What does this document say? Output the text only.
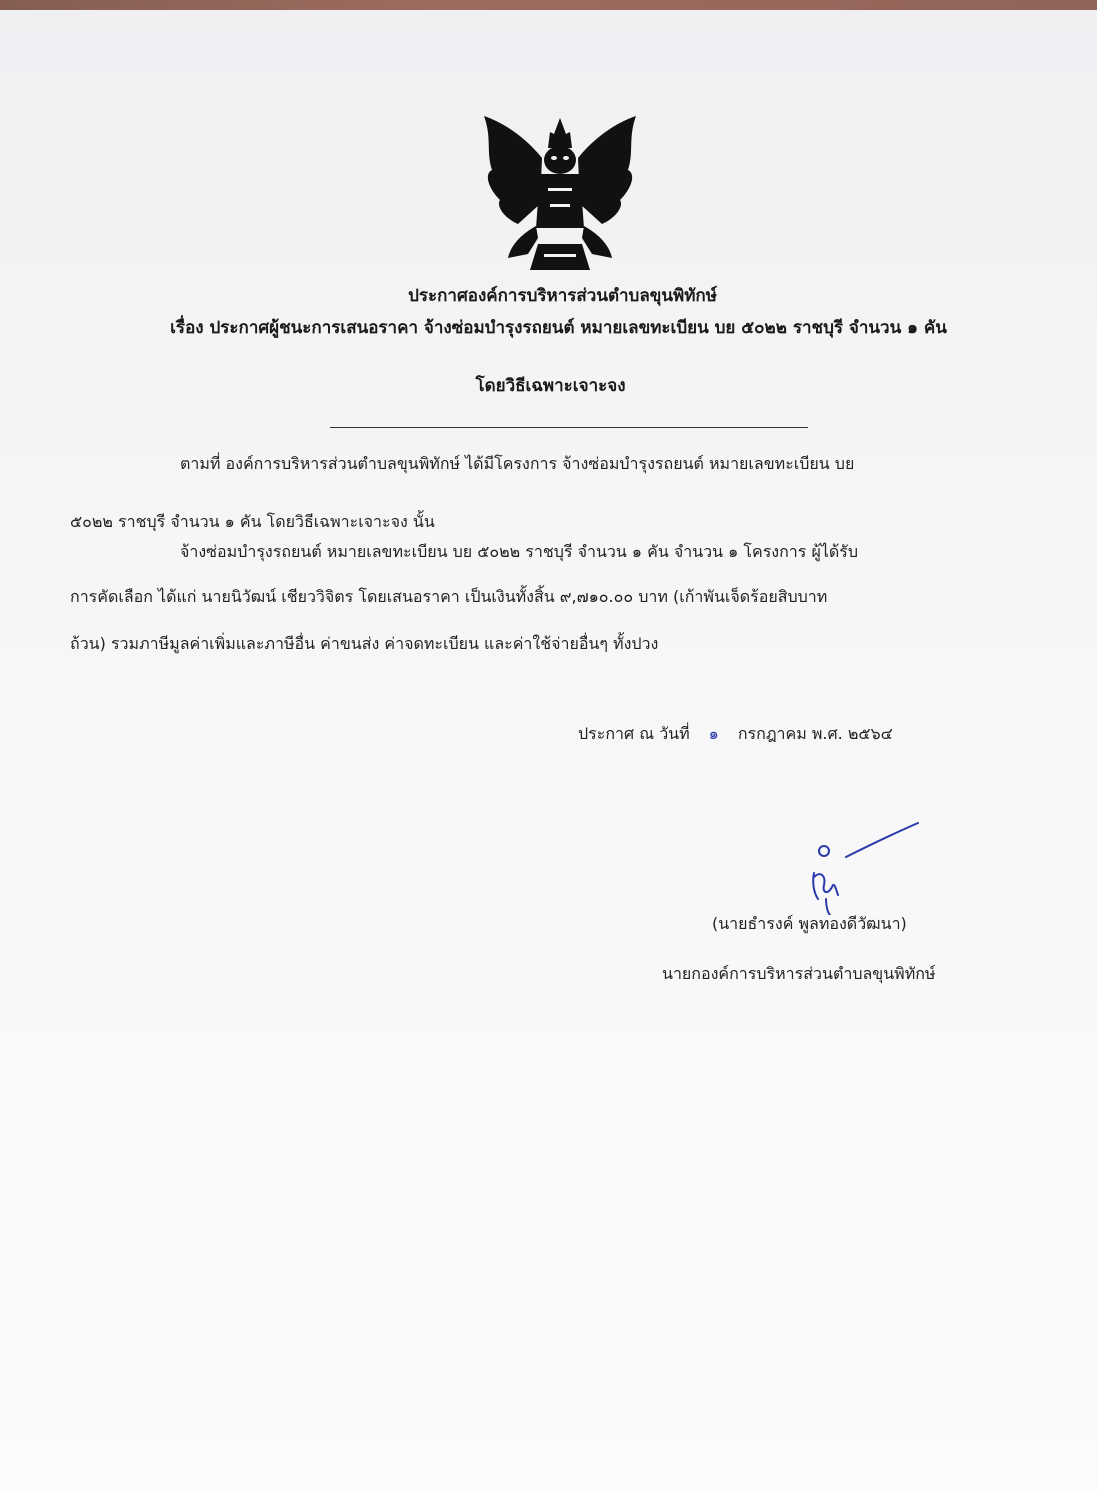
ประกาศองค์การบริหารส่วนตำบลขุนพิทักษ์
เรื่อง ประกาศผู้ชนะการเสนอราคา จ้างซ่อมบำรุงรถยนต์ หมายเลขทะเบียน บย ๕๐๒๒ ราชบุรี จำนวน ๑ คัน
โดยวิธีเฉพาะเจาะจง
ตามที่ องค์การบริหารส่วนตำบลขุนพิทักษ์ ได้มีโครงการ จ้างซ่อมบำรุงรถยนต์ หมายเลขทะเบียน บย
๕๐๒๒ ราชบุรี จำนวน ๑ คัน โดยวิธีเฉพาะเจาะจง นั้น
จ้างซ่อมบำรุงรถยนต์ หมายเลขทะเบียน บย ๕๐๒๒ ราชบุรี จำนวน ๑ คัน จำนวน ๑ โครงการ ผู้ได้รับ
การคัดเลือก ได้แก่ นายนิวัฒน์ เชียววิจิตร โดยเสนอราคา เป็นเงินทั้งสิ้น ๙,๗๑๐.๐๐ บาท (เก้าพันเจ็ดร้อยสิบบาท
ถ้วน) รวมภาษีมูลค่าเพิ่มและภาษีอื่น ค่าขนส่ง ค่าจดทะเบียน และค่าใช้จ่ายอื่นๆ ทั้งปวง
ประกาศ ณ วันที่ ๑ กรกฎาคม พ.ศ. ๒๕๖๔
(นายธำรงค์ พูลทองดีวัฒนา)
นายกองค์การบริหารส่วนตำบลขุนพิทักษ์
